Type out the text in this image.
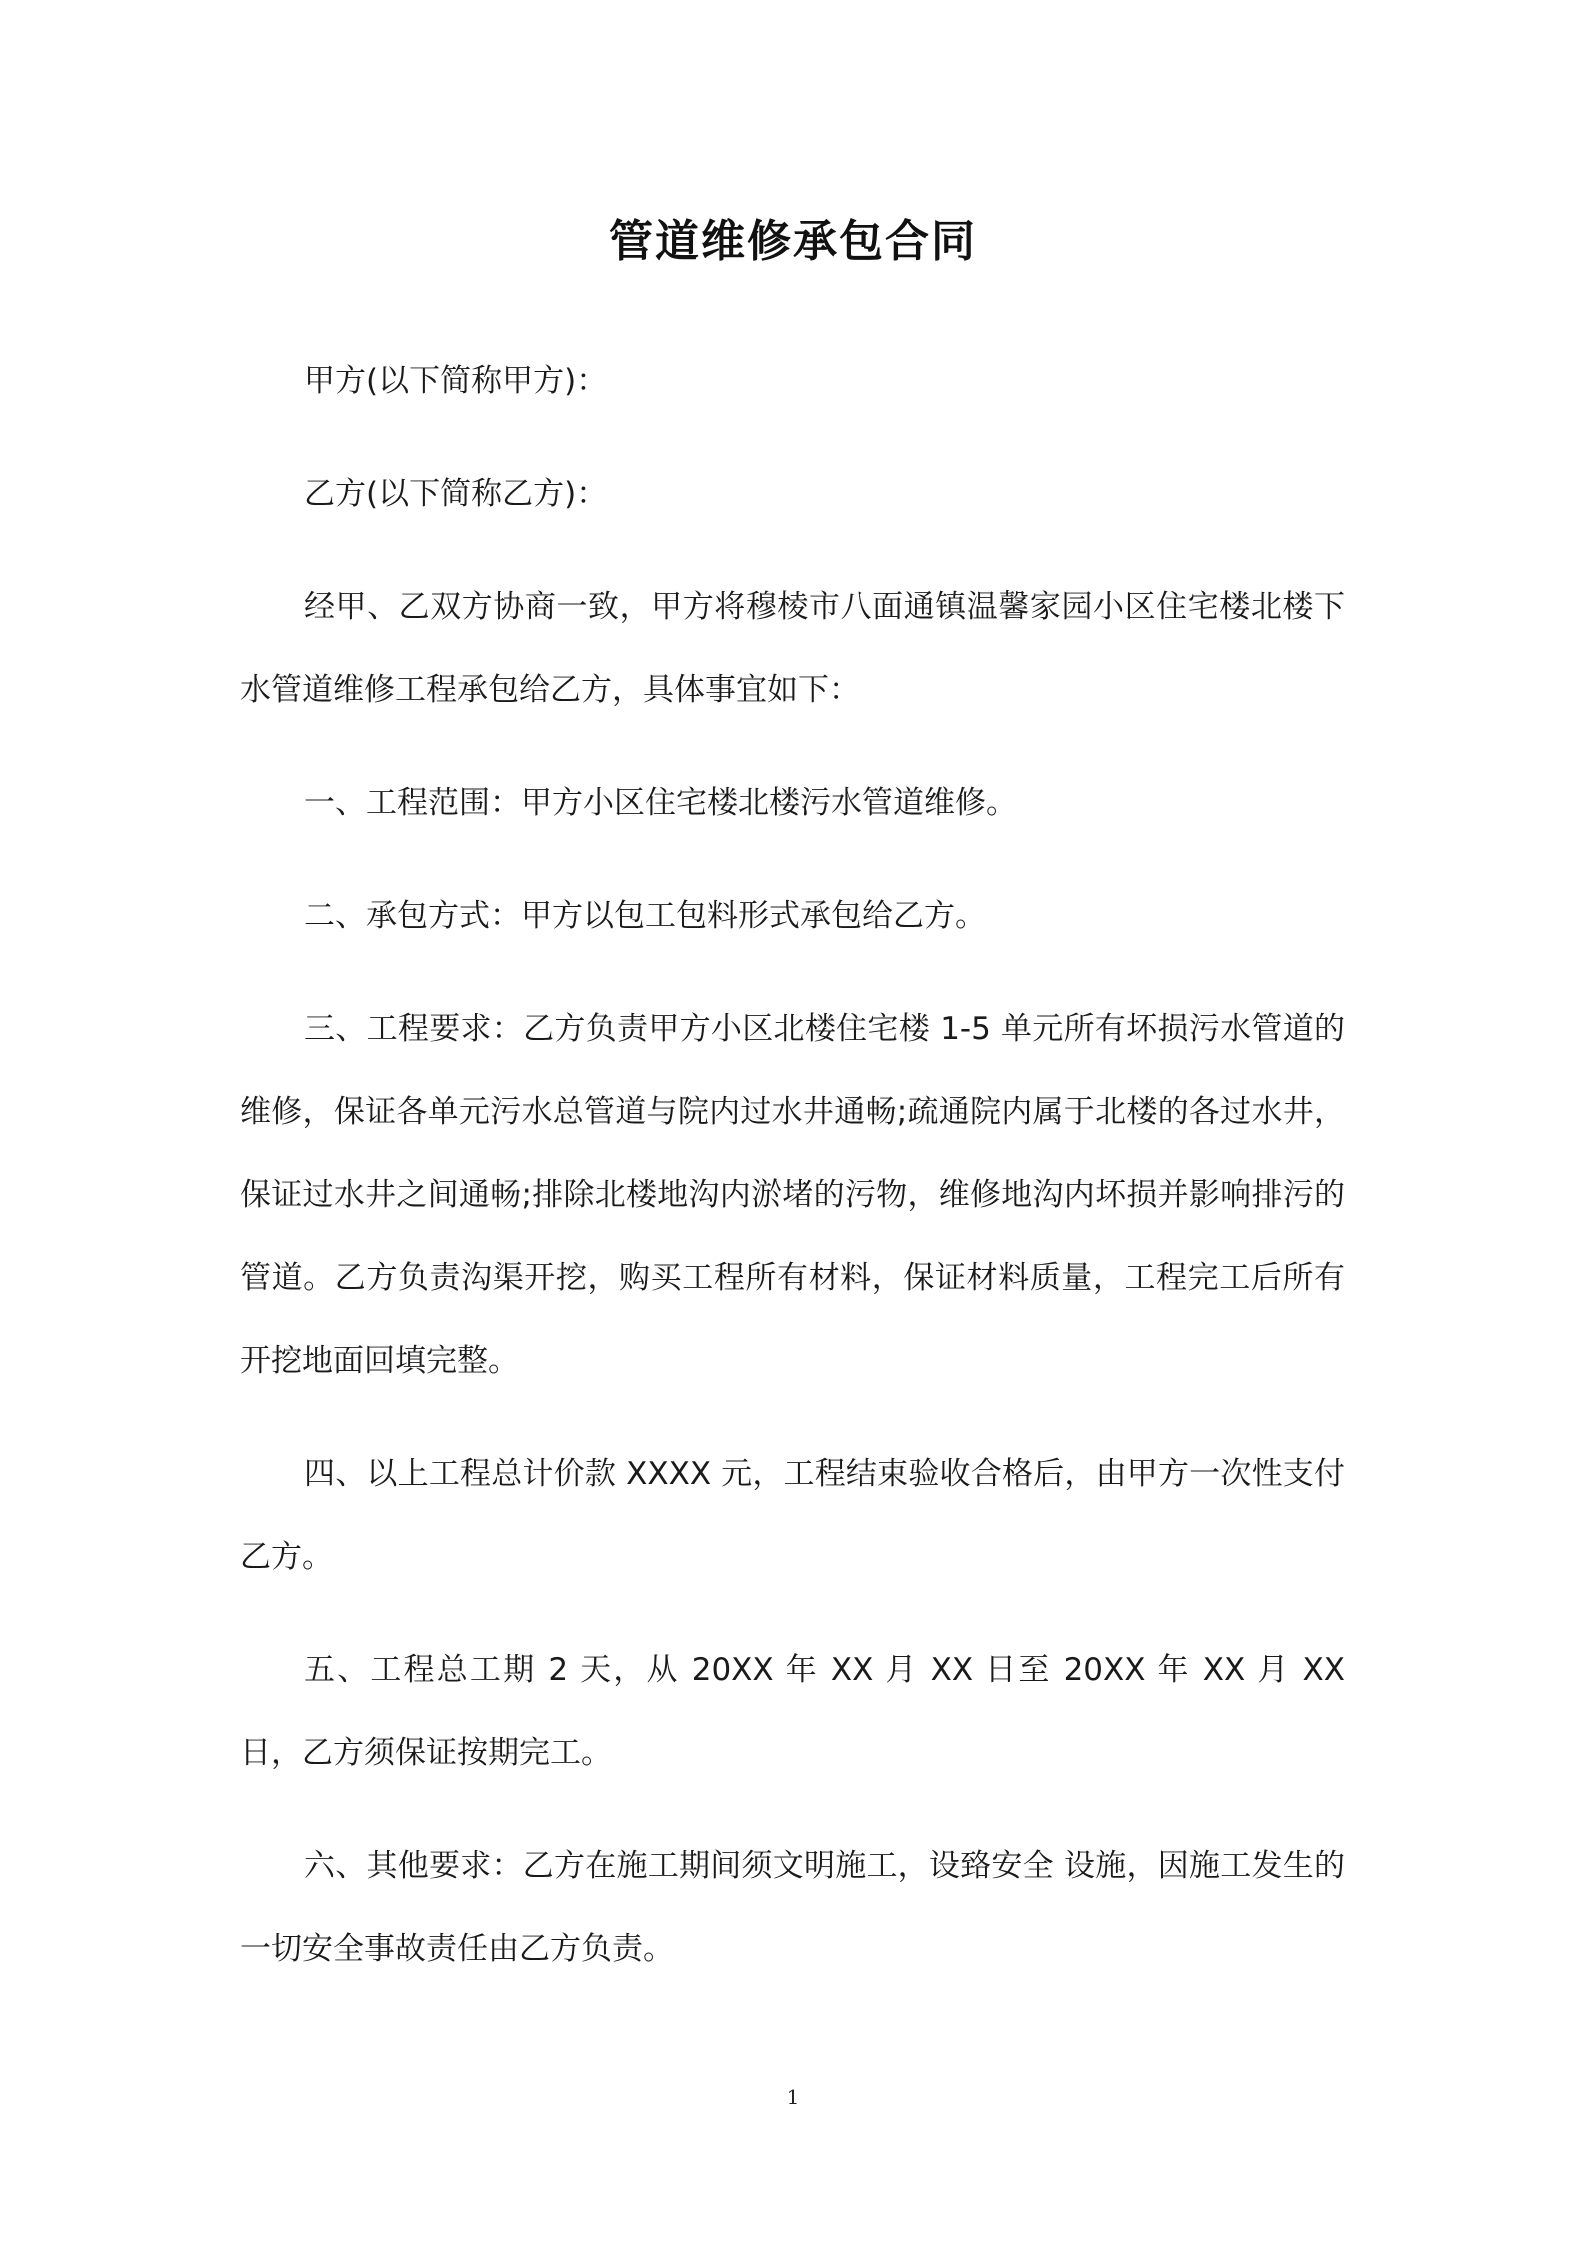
管道维修承包合同

甲方(以下简称甲方)：

乙方(以下简称乙方)：

经甲、乙双方协商一致，甲方将穆棱市八面通镇温馨家园小区住宅楼北楼下水管道维修工程承包给乙方，具体事宜如下：

一、工程范围：甲方小区住宅楼北楼污水管道维修。

二、承包方式：甲方以包工包料形式承包给乙方。

三、工程要求：乙方负责甲方小区北楼住宅楼 1-5 单元所有坏损污水管道的维修，保证各单元污水总管道与院内过水井通畅;疏通院内属于北楼的各过水井，保证过水井之间通畅;排除北楼地沟内淤堵的污物，维修地沟内坏损并影响排污的管道。乙方负责沟渠开挖，购买工程所有材料，保证材料质量，工程完工后所有开挖地面回填完整。

四、以上工程总计价款 XXXX 元，工程结束验收合格后，由甲方一次性支付乙方。

五、工程总工期 2 天，从 20XX 年 XX 月 XX 日至 20XX 年 XX 月 XX 日，乙方须保证按期完工。

六、其他要求：乙方在施工期间须文明施工，设臵安全 设施，因施工发生的一切安全事故责任由乙方负责。

1
